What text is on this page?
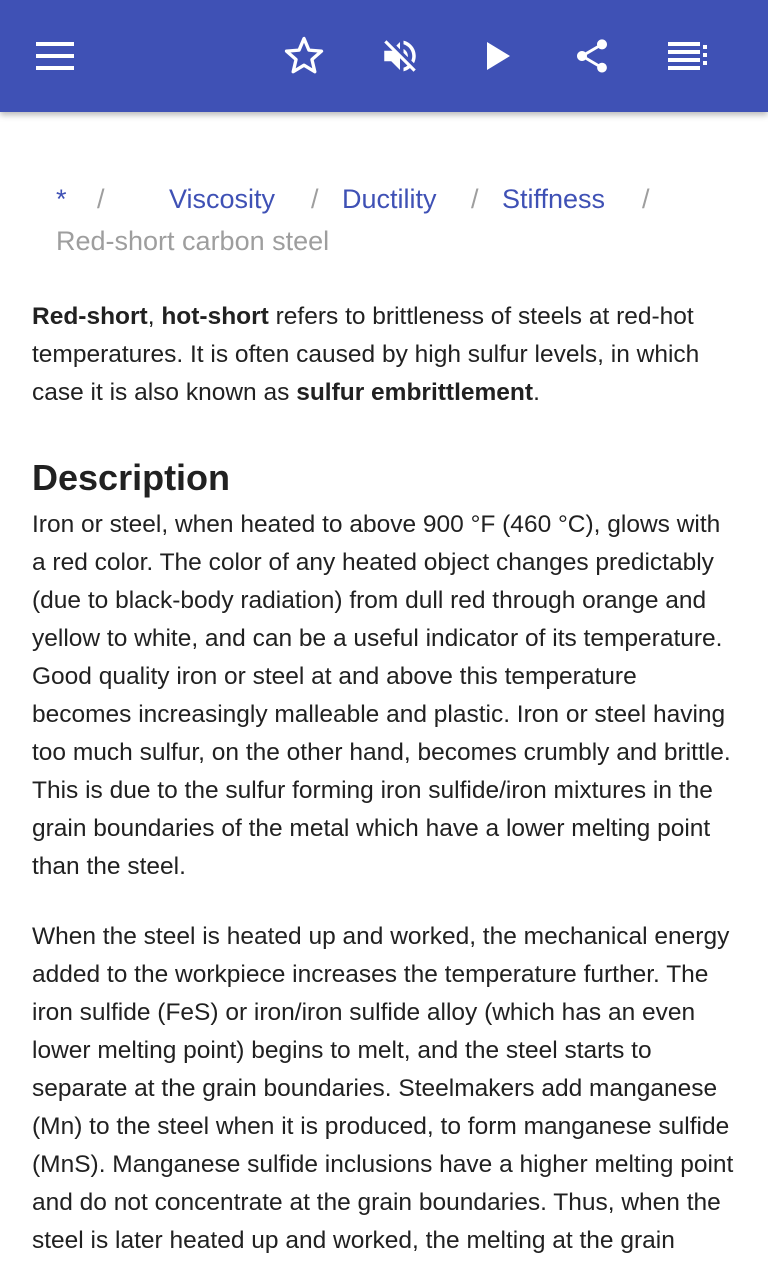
*	/	Viscosity	/ Ductility	/ Stiffness	/
Red-short carbon steel

Red-short, hot-short refers to brittleness of steels at red-hot temperatures. It is often caused by high sulfur levels, in which case it is also known as sulfur embrittlement.

Description

Iron or steel, when heated to above 900 °F (460 °C), glows with a red color. The color of any heated object changes predictably (due to black-body radiation) from dull red through orange and yellow to white, and can be a useful indicator of its temperature. Good quality iron or steel at and above this temperature becomes increasingly malleable and plastic. Iron or steel having too much sulfur, on the other hand, becomes crumbly and brittle. This is due to the sulfur forming iron sulfide/iron mixtures in the grain boundaries of the metal which have a lower melting point than the steel.

When the steel is heated up and worked, the mechanical energy added to the workpiece increases the temperature further. The iron sulfide (FeS) or iron/iron sulfide alloy (which has an even lower melting point) begins to melt, and the steel starts to separate at the grain boundaries. Steelmakers add manganese (Mn) to the steel when it is produced, to form manganese sulfide (MnS). Manganese sulfide inclusions have a higher melting point and do not concentrate at the grain boundaries. Thus, when the steel is later heated up and worked, the melting at the grain
